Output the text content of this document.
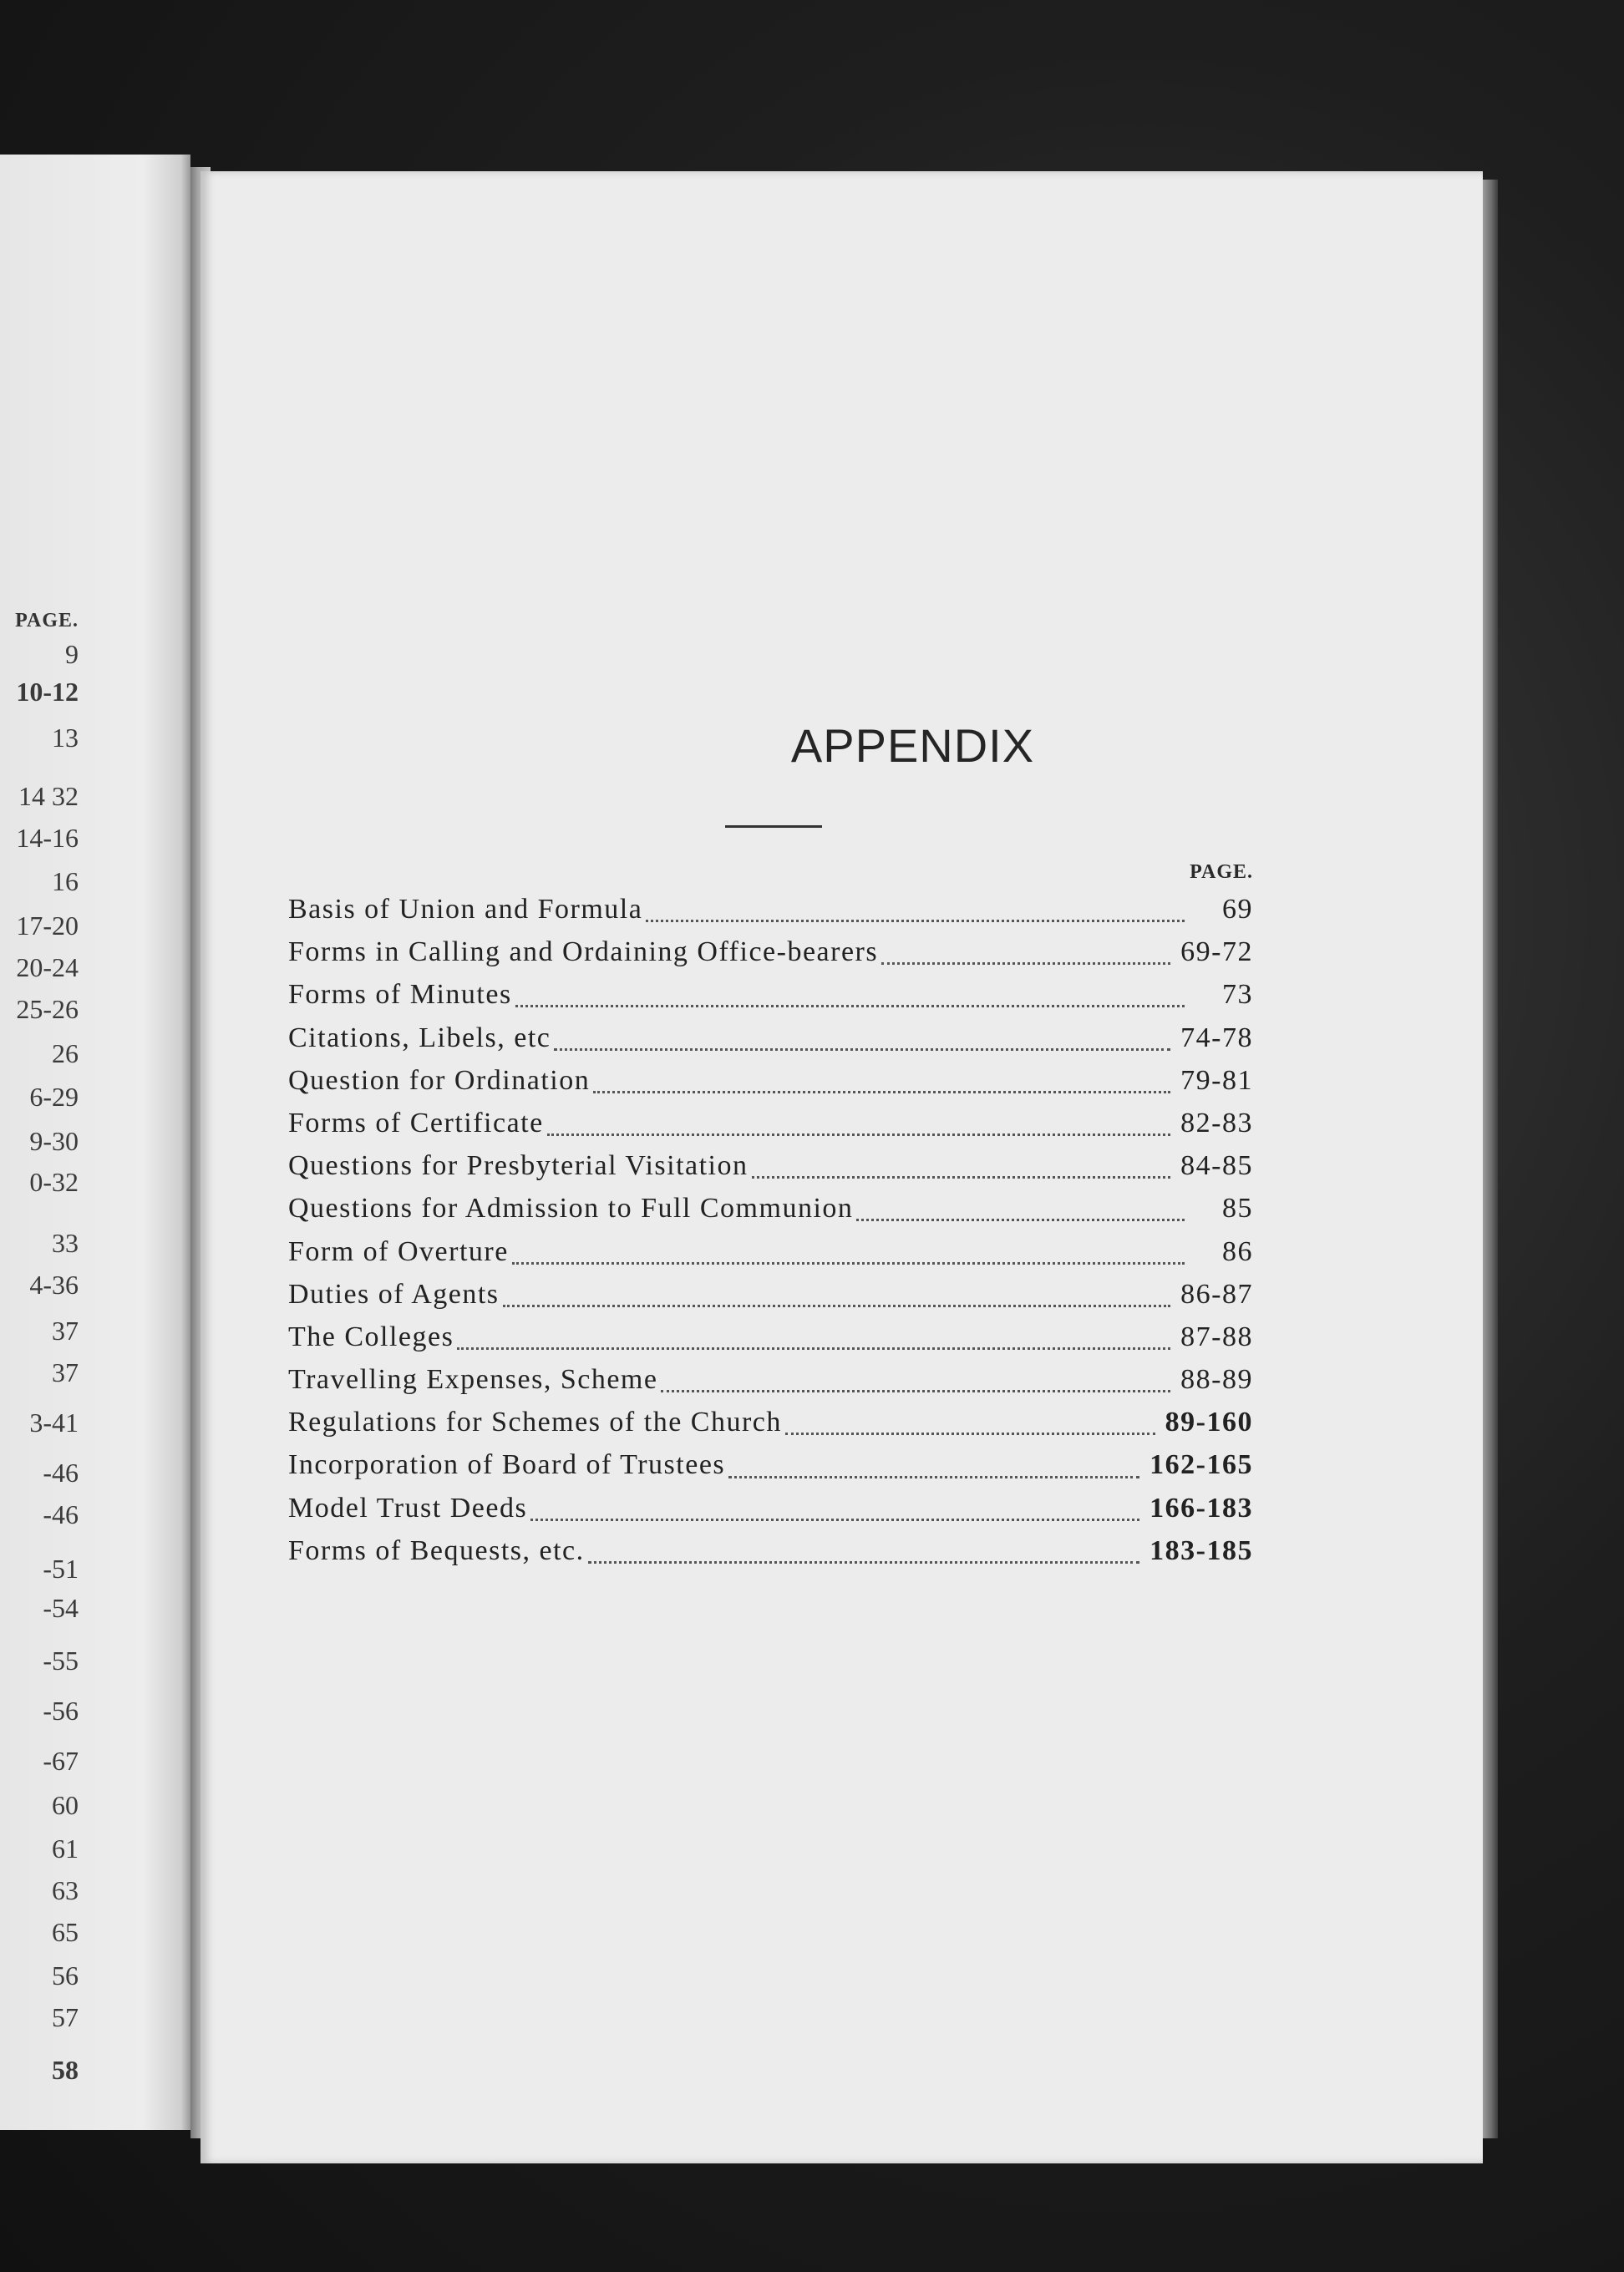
PAGE.
9
10-12
13
14 32
14-16
16
17-20
20-24
25-26
26
6-29
9-30
0-32
33
4-36
37
37
3-41
-46
-46
-51
-54
-55
-56
-67
60
61
63
65
56
57
58
APPENDIX
PAGE.
Basis of Union and Formula	69
Forms in Calling and Ordaining Office-bearers	69-72
Forms of Minutes	73
Citations, Libels, etc	74-78
Question for Ordination	79-81
Forms of Certificate	82-83
Questions for Presbyterial Visitation	84-85
Questions for Admission to Full Communion	85
Form of Overture	86
Duties of Agents	86-87
The Colleges	87-88
Travelling Expenses, Scheme	88-89
Regulations for Schemes of the Church	89-160
Incorporation of Board of Trustees	162-165
Model Trust Deeds	166-183
Forms of Bequests, etc.	183-185
